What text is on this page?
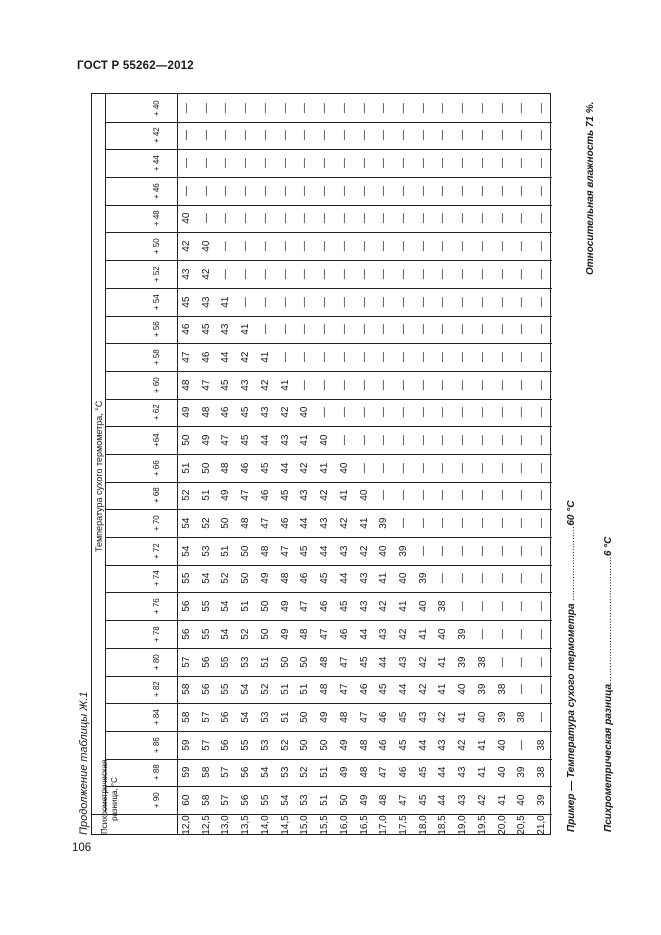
ГОСТ Р 55262—2012
Продолжение таблицы Ж.1
Температура сухого термометра, °С
Психрометрическая разница, °С
+ 40
+ 42
+ 44
+ 46
+ 48
+ 50
+ 52
+ 54
+ 56
+ 58
+ 60
+ 62
+64
+ 66
+ 68
+ 70
+ 72
+ 74
+ 76
+ 78
+ 80
+ 82
+ 84
+ 86
+ 88
+ 90
12,0
—
—
—
—
40
42
43
45
46
47
48
49
50
51
52
54
54
55
56
56
57
58
58
59
59
60
12,5
—
—
—
—
—
40
42
43
45
46
47
48
49
50
51
52
53
54
55
55
56
56
57
57
58
58
13,0
—
—
—
—
—
—
—
41
43
44
45
46
47
48
49
50
51
52
54
54
55
55
56
56
57
57
13,5
—
—
—
—
—
—
—
—
41
42
43
45
45
46
47
48
50
50
51
52
53
54
54
55
56
56
14,0
—
—
—
—
—
—
—
—
—
41
42
43
44
45
46
47
48
49
50
50
51
52
53
53
54
55
14,5
—
—
—
—
—
—
—
—
—
—
41
42
43
44
45
46
47
48
49
49
50
51
51
52
53
54
15,0
—
—
—
—
—
—
—
—
—
—
—
40
41
42
43
44
45
46
47
48
50
51
50
50
52
53
15,5
—
—
—
—
—
—
—
—
—
—
—
—
40
41
42
43
44
45
46
47
48
48
49
50
51
51
16,0
—
—
—
—
—
—
—
—
—
—
—
—
—
40
41
42
43
44
45
46
47
47
48
49
49
50
16,5
—
—
—
—
—
—
—
—
—
—
—
—
—
—
40
41
42
43
43
44
45
46
47
48
48
49
17,0
—
—
—
—
—
—
—
—
—
—
—
—
—
—
—
39
40
41
42
43
44
45
46
46
47
48
17,5
—
—
—
—
—
—
—
—
—
—
—
—
—
—
—
—
39
40
41
42
43
44
45
45
46
47
18,0
—
—
—
—
—
—
—
—
—
—
—
—
—
—
—
—
—
39
40
41
42
42
43
44
45
45
18,5
—
—
—
—
—
—
—
—
—
—
—
—
—
—
—
—
—
—
38
40
41
41
42
43
44
44
19,0
—
—
—
—
—
—
—
—
—
—
—
—
—
—
—
—
—
—
—
39
39
40
41
42
43
43
19,5
—
—
—
—
—
—
—
—
—
—
—
—
—
—
—
—
—
—
—
—
38
39
40
41
41
42
20,0
—
—
—
—
—
—
—
—
—
—
—
—
—
—
—
—
—
—
—
—
—
38
39
40
40
41
20,5
—
—
—
—
—
—
—
—
—
—
—
—
—
—
—
—
—
—
—
—
—
—
38
—
39
40
21,0
—
—
—
—
—
—
—
—
—
—
—
—
—
—
—
—
—
—
—
—
—
—
—
38
38
39 Пример — Температура сухого термометра ...........................60 °С
Психрометрическая разница..............................................6 °С
Относительная влажность 71 %.
106
